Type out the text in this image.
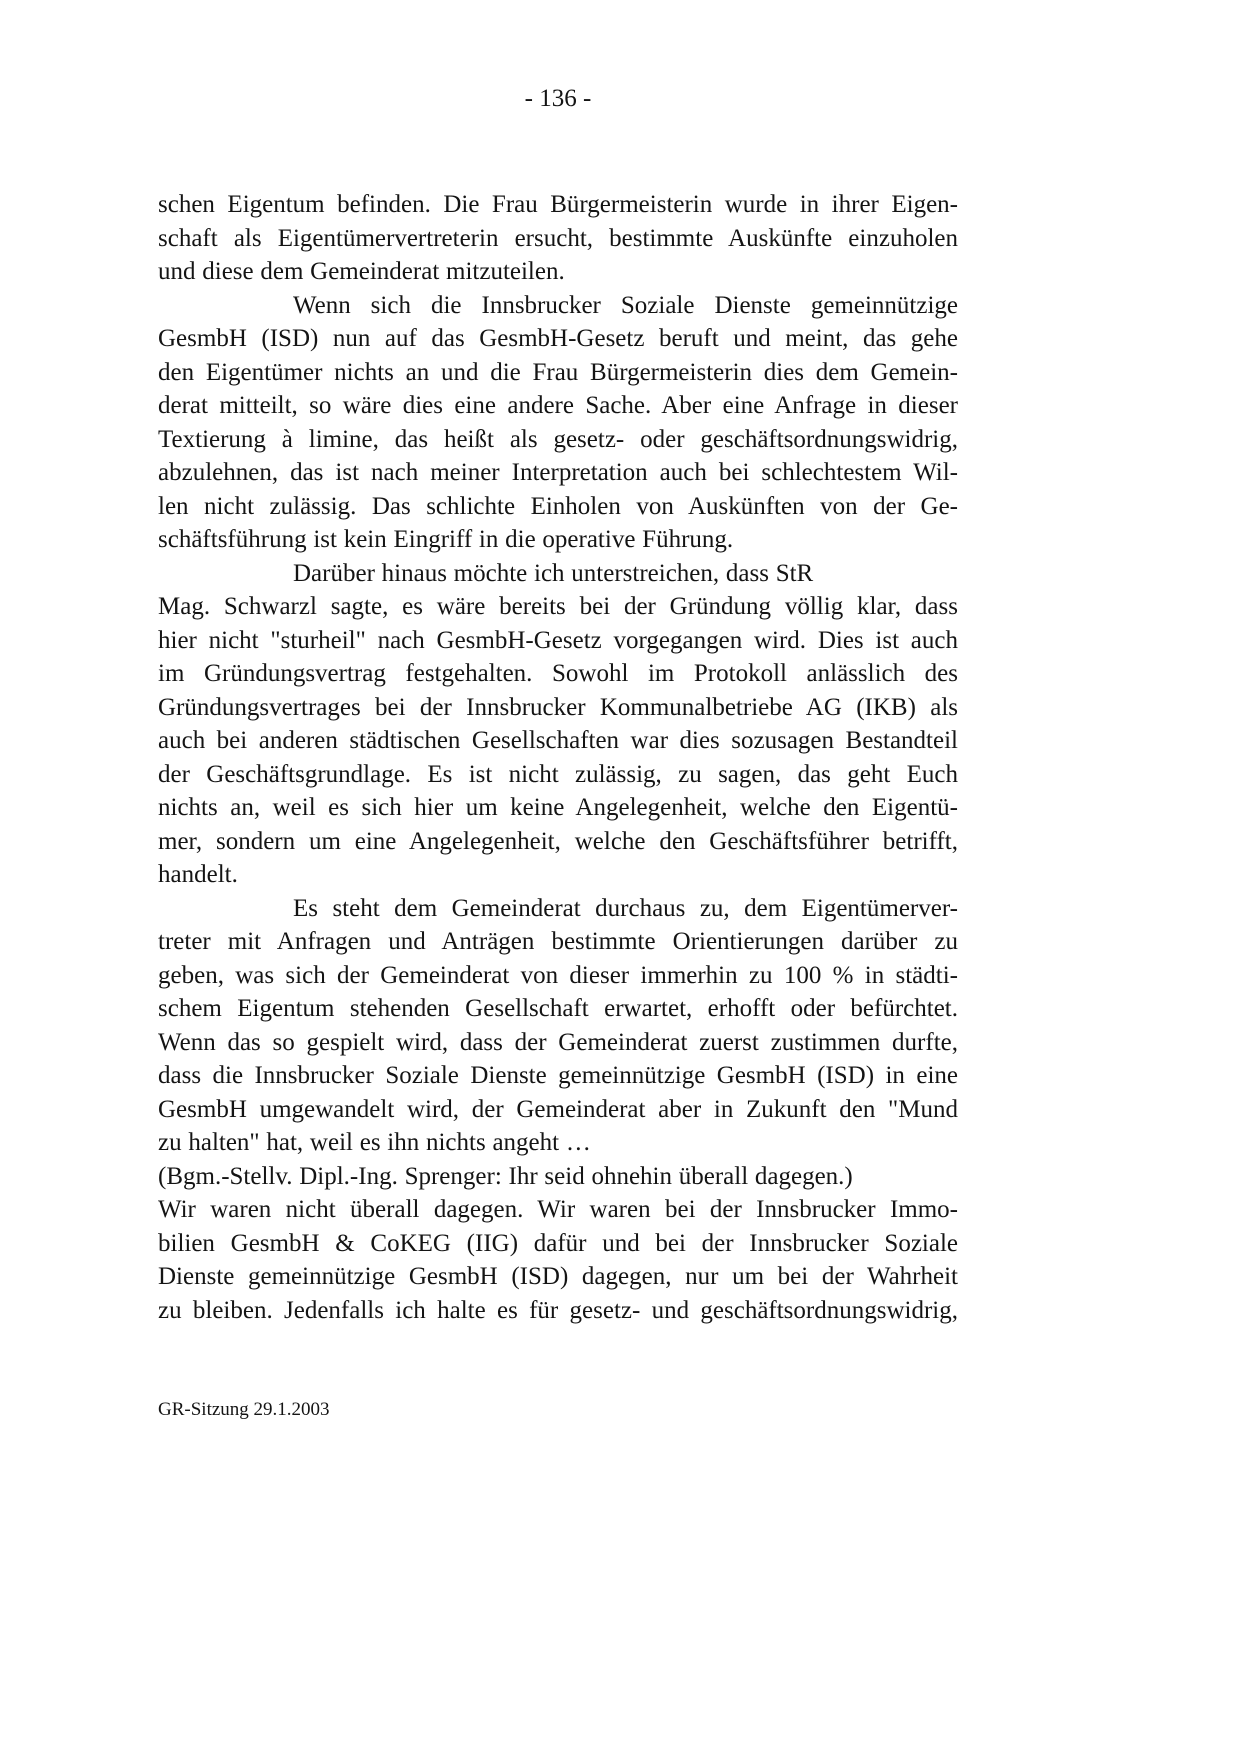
- 136 -
schen Eigentum befinden. Die Frau Bürgermeisterin wurde in ihrer Eigen-
schaft als Eigentümervertreterin ersucht, bestimmte Auskünfte einzuholen
und diese dem Gemeinderat mitzuteilen.
Wenn sich die Innsbrucker Soziale Dienste gemeinnützige
GesmbH (ISD) nun auf das GesmbH-Gesetz beruft und meint, das gehe
den Eigentümer nichts an und die Frau Bürgermeisterin dies dem Gemein-
derat mitteilt, so wäre dies eine andere Sache. Aber eine Anfrage in dieser
Textierung à limine, das heißt als gesetz- oder geschäftsordnungswidrig,
abzulehnen, das ist nach meiner Interpretation auch bei schlechtestem Wil-
len nicht zulässig. Das schlichte Einholen von Auskünften von der Ge-
schäftsführung ist kein Eingriff in die operative Führung.
Darüber hinaus möchte ich unterstreichen, dass StR
Mag. Schwarzl sagte, es wäre bereits bei der Gründung völlig klar, dass
hier nicht "sturheil" nach GesmbH-Gesetz vorgegangen wird. Dies ist auch
im Gründungsvertrag festgehalten. Sowohl im Protokoll anlässlich des
Gründungsvertrages bei der Innsbrucker Kommunalbetriebe AG (IKB) als
auch bei anderen städtischen Gesellschaften war dies sozusagen Bestandteil
der Geschäftsgrundlage. Es ist nicht zulässig, zu sagen, das geht Euch
nichts an, weil es sich hier um keine Angelegenheit, welche den Eigentü-
mer, sondern um eine Angelegenheit, welche den Geschäftsführer betrifft,
handelt.
Es steht dem Gemeinderat durchaus zu, dem Eigentümerver-
treter mit Anfragen und Anträgen bestimmte Orientierungen darüber zu
geben, was sich der Gemeinderat von dieser immerhin zu 100 % in städti-
schem Eigentum stehenden Gesellschaft erwartet, erhofft oder befürchtet.
Wenn das so gespielt wird, dass der Gemeinderat zuerst zustimmen durfte,
dass die Innsbrucker Soziale Dienste gemeinnützige GesmbH (ISD) in eine
GesmbH umgewandelt wird, der Gemeinderat aber in Zukunft den "Mund
zu halten" hat, weil es ihn nichts angeht …
(Bgm.-Stellv. Dipl.-Ing. Sprenger: Ihr seid ohnehin überall dagegen.)
Wir waren nicht überall dagegen. Wir waren bei der Innsbrucker Immo-
bilien GesmbH & CoKEG (IIG) dafür und bei der Innsbrucker Soziale
Dienste gemeinnützige GesmbH (ISD) dagegen, nur um bei der Wahrheit
zu bleiben. Jedenfalls ich halte es für gesetz- und geschäftsordnungswidrig,
GR-Sitzung 29.1.2003
